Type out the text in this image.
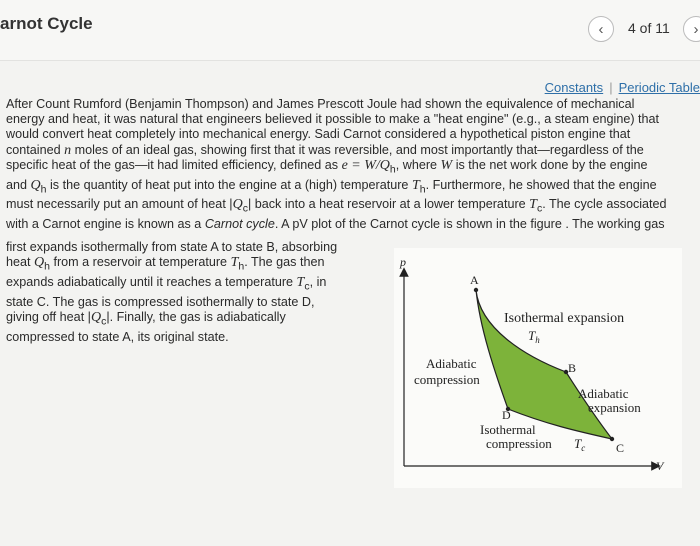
arnot Cycle	‹ 4 of 11 ›
Constants | Periodic Table
After Count Rumford (Benjamin Thompson) and James Prescott Joule had shown the equivalence of mechanical
energy and heat, it was natural that engineers believed it possible to make a "heat engine" (e.g., a steam engine) that
would convert heat completely into mechanical energy. Sadi Carnot considered a hypothetical piston engine that
contained n moles of an ideal gas, showing first that it was reversible, and most importantly that—regardless of the
specific heat of the gas—it had limited efficiency, defined as $e = W/Q_h$, where W is the net work done by the engine
and $Q_h$ is the quantity of heat put into the engine at a (high) temperature $T_h$. Furthermore, he showed that the engine
must necessarily put an amount of heat $|Q_c|$ back into a heat reservoir at a lower temperature $T_c$. The cycle associated
with a Carnot engine is known as a Carnot cycle. A pV plot of the Carnot cycle is shown in the figure . The working gas
first expands isothermally from state A to state B, absorbing
heat $Q_h$ from a reservoir at temperature $T_h$. The gas then
expands adiabatically until it reaches a temperature $T_c$, in
state C. The gas is compressed isothermally to state D,
giving off heat $|Q_c|$. Finally, the gas is adiabatically
compressed to state A, its original state.
p
V
A
B
C
D
Isothermal expansion
$T_h$
Adiabatic
compression
Adiabatic
expansion
Isothermal
compression $T_c$
